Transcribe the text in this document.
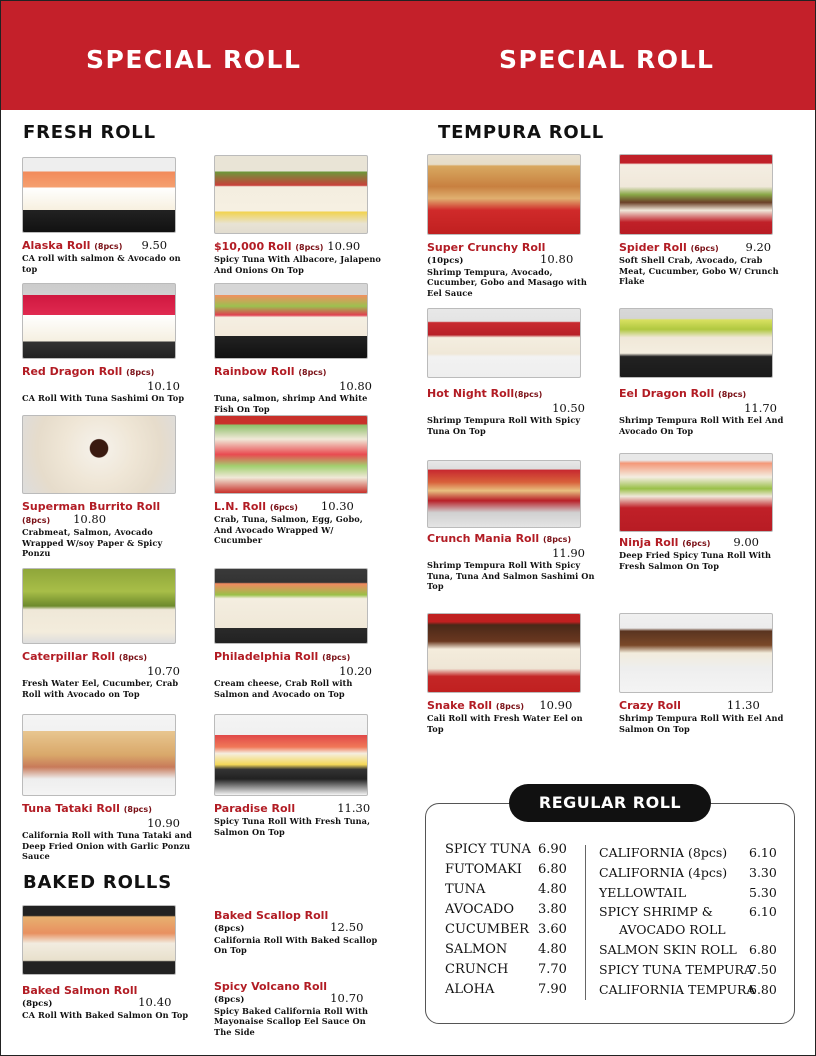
SPECIAL ROLL	SPECIAL ROLL
FRESH ROLL	TEMPURA ROLL
BAKED ROLLS
Alaska Roll (8pcs) 9.50
CA roll with salmon & Avocado on top
Red Dragon Roll (8pcs)
10.10
CA Roll With Tuna Sashimi On Top
Superman Burrito Roll (8pcs) 10.80
Crabmeat, Salmon, Avocado Wrapped W/soy Paper & Spicy Ponzu
Caterpillar Roll (8pcs)
10.70
Fresh Water Eel, Cucumber, Crab Roll with Avocado on Top
Tuna Tataki Roll (8pcs)
10.90
California Roll with Tuna Tataki and Deep Fried Onion with Garlic Ponzu Sauce
$10,000 Roll (8pcs) 10.90
Spicy Tuna With Albacore, Jalapeno And Onions On Top
Rainbow Roll (8pcs)
10.80
Tuna, salmon, shrimp And White Fish On Top
L.N. Roll (6pcs) 10.30
Crab, Tuna, Salmon, Egg, Gobo, And Avocado Wrapped W/ Cucumber
Philadelphia Roll (8pcs)
10.20
Cream cheese, Crab Roll with Salmon and Avocado on Top
Paradise Roll	11.30
Spicy Tuna Roll With Fresh Tuna, Salmon On Top
Baked Salmon Roll
(8pcs)	10.40
CA Roll With Baked Salmon On Top
Baked Scallop Roll
(8pcs)	12.50
California Roll With Baked Scallop On Top
Spicy Volcano Roll
(8pcs)	10.70
Spicy Baked California Roll With Mayonaise Scallop Eel Sauce On The Side
Super Crunchy Roll
(10pcs)	10.80
Shrimp Tempura, Avocado, Cucumber, Gobo and Masago with Eel Sauce
Hot Night Roll(8pcs)
10.50
Shrimp Tempura Roll With Spicy Tuna On Top
Crunch Mania Roll (8pcs)
11.90
Shrimp Tempura Roll With Spicy Tuna, Tuna And Salmon Sashimi On Top
Snake Roll (8pcs) 10.90
Cali Roll with Fresh Water Eel on Top
Spider Roll (6pcs) 9.20
Soft Shell Crab, Avocado, Crab Meat, Cucumber, Gobo W/ Crunch Flake
Eel Dragon Roll (8pcs)
11.70
Shrimp Tempura Roll With Eel And Avocado On Top
Ninja Roll (6pcs) 9.00
Deep Fried Spicy Tuna Roll With Fresh Salmon On Top
Crazy Roll	11.30
Shrimp Tempura Roll With Eel And Salmon On Top
REGULAR ROLL
SPICY TUNA 6.90
FUTOMAKI 6.80
TUNA	4.80
AVOCADO 3.80
CUCUMBER 3.60
SALMON 4.80
CRUNCH 7.70
ALOHA	7.90
CALIFORNIA (8pcs) 6.10
CALIFORNIA (4pcs) 3.30
YELLOWTAIL	5.30
SPICY SHRIMP &	6.10
AVOCADO ROLL
SALMON SKIN ROLL 6.80
SPICY TUNA TEMPURA
7.50
CALIFORNIA TEMPURA
6.80
